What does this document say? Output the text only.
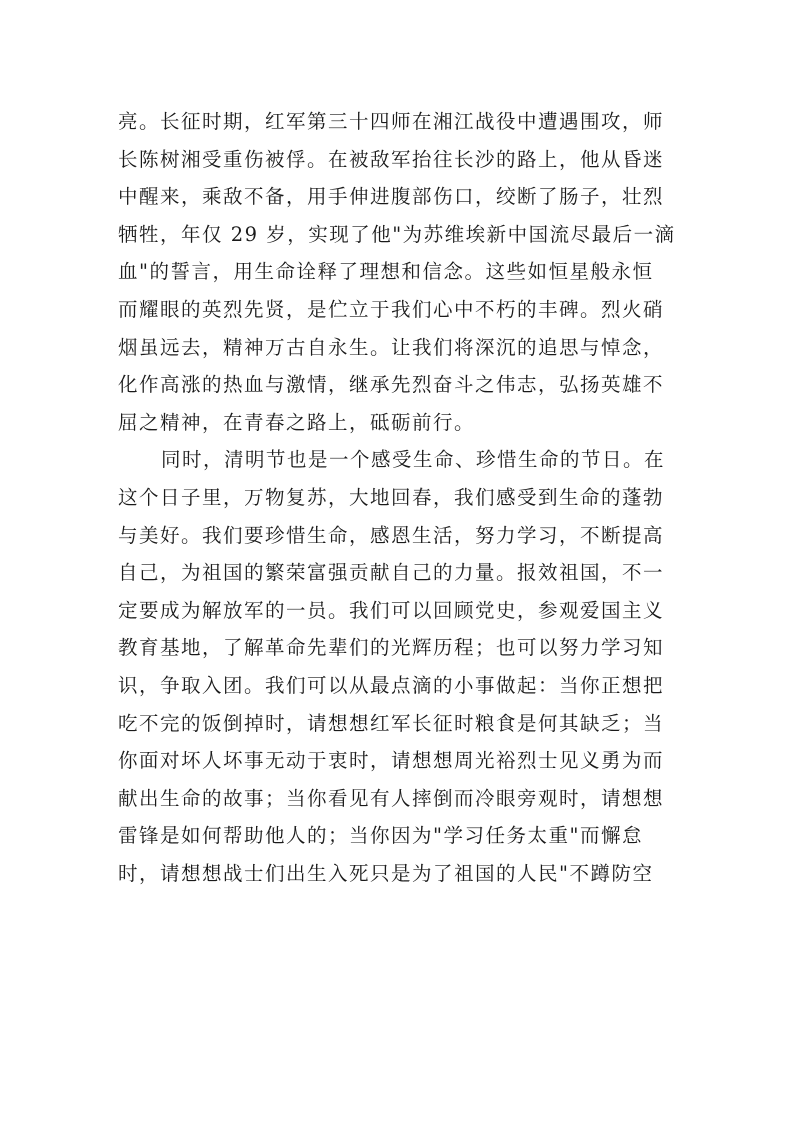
亮。长征时期，红军第三十四师在湘江战役中遭遇围攻，师
长陈树湘受重伤被俘。在被敌军抬往长沙的路上，他从昏迷
中醒来，乘敌不备，用手伸进腹部伤口，绞断了肠子，壮烈
牺牲，年仅 29 岁，实现了他"为苏维埃新中国流尽最后一滴
血"的誓言，用生命诠释了理想和信念。这些如恒星般永恒
而耀眼的英烈先贤，是伫立于我们心中不朽的丰碑。烈火硝
烟虽远去，精神万古自永生。让我们将深沉的追思与悼念，
化作高涨的热血与激情，继承先烈奋斗之伟志，弘扬英雄不
屈之精神，在青春之路上，砥砺前行。
同时，清明节也是一个感受生命、珍惜生命的节日。在
这个日子里，万物复苏，大地回春，我们感受到生命的蓬勃
与美好。我们要珍惜生命，感恩生活，努力学习，不断提高
自己，为祖国的繁荣富强贡献自己的力量。报效祖国，不一
定要成为解放军的一员。我们可以回顾党史，参观爱国主义
教育基地，了解革命先辈们的光辉历程；也可以努力学习知
识，争取入团。我们可以从最点滴的小事做起：当你正想把
吃不完的饭倒掉时，请想想红军长征时粮食是何其缺乏；当
你面对坏人坏事无动于衷时，请想想周光裕烈士见义勇为而
献出生命的故事；当你看见有人摔倒而冷眼旁观时，请想想
雷锋是如何帮助他人的；当你因为"学习任务太重"而懈怠
时，请想想战士们出生入死只是为了祖国的人民"不蹲防空
